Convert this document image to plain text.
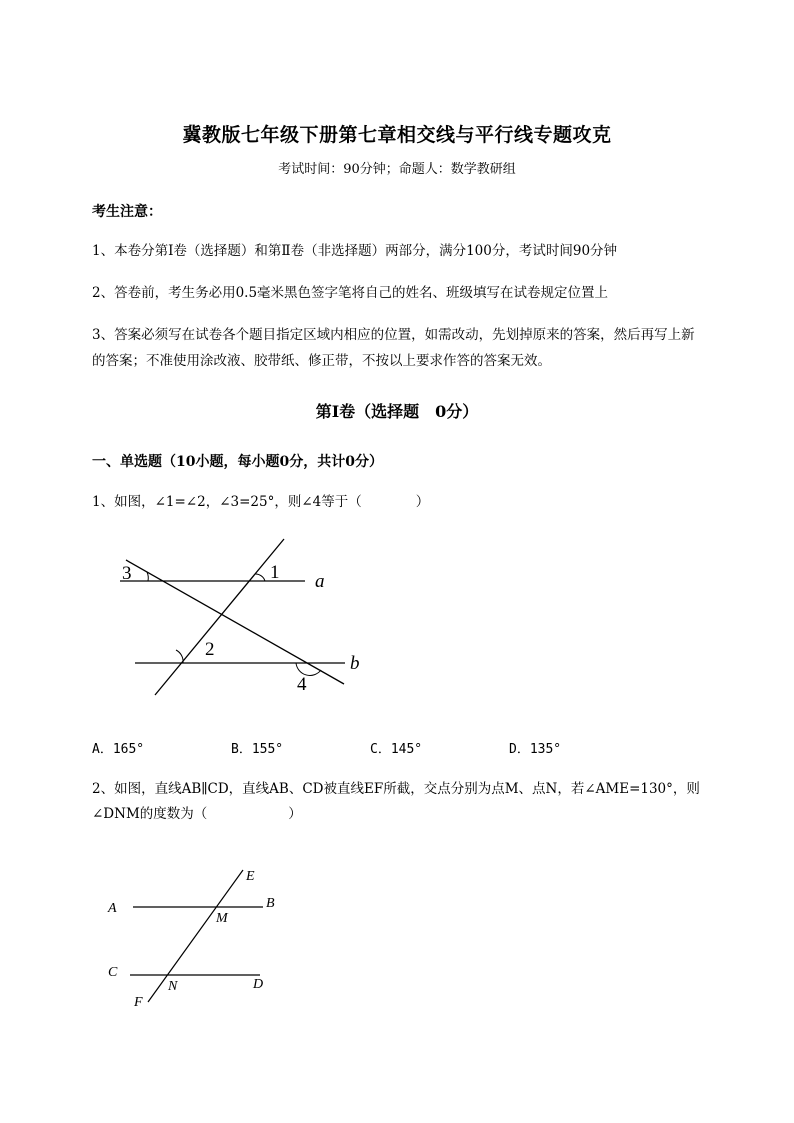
冀教版七年级下册第七章相交线与平行线专题攻克
考试时间：90分钟；命题人：数学教研组
考生注意：
1、本卷分第I卷（选择题）和第Ⅱ卷（非选择题）两部分，满分100分，考试时间90分钟
2、答卷前，考生务必用0.5毫米黑色签字笔将自己的姓名、班级填写在试卷规定位置上
3、答案必须写在试卷各个题目指定区域内相应的位置，如需改动，先划掉原来的答案，然后再写上新
的答案；不准使用涂改液、胶带纸、修正带，不按以上要求作答的答案无效。
第I卷（选择题　0分）
一、单选题（10小题，每小题0分，共计0分）
1、如图，∠1=∠2，∠3=25°，则∠4等于（　　　　）
3	1 a
2
b
4
A．165°	B．155°	C．145°	D．135°
2、如图，直线AB∥CD，直线AB、CD被直线EF所截，交点分别为点M、点N，若∠AME=130°，则
∠DNM的度数为（　　　　　　）
E
A	B
M
C
N	D
F
